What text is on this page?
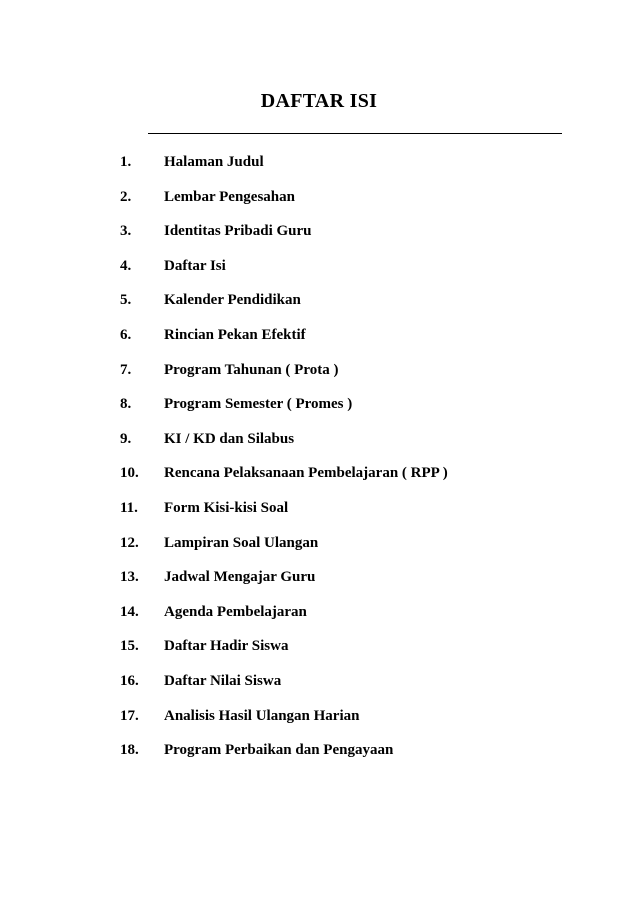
DAFTAR ISI
1.	Halaman Judul
2.	Lembar Pengesahan
3.	Identitas Pribadi Guru
4.	Daftar Isi
5.	Kalender Pendidikan
6.	Rincian Pekan Efektif
7.	Program Tahunan ( Prota )
8.	Program Semester ( Promes )
9.	KI / KD dan Silabus
10.	Rencana Pelaksanaan Pembelajaran ( RPP )
11.	Form Kisi-kisi Soal
12.	Lampiran Soal Ulangan
13.	Jadwal Mengajar Guru
14.	Agenda Pembelajaran
15.	Daftar Hadir Siswa
16.	Daftar Nilai Siswa
17.	Analisis Hasil Ulangan Harian
18.	Program Perbaikan dan Pengayaan
